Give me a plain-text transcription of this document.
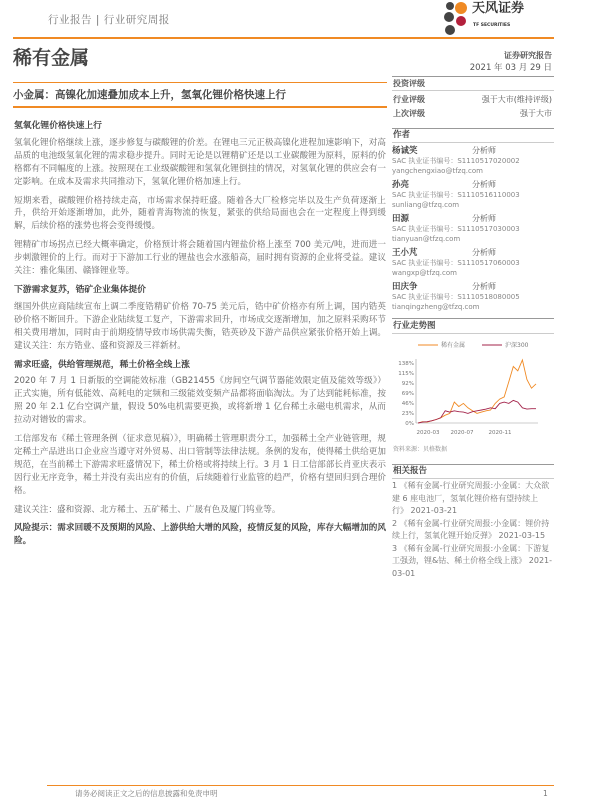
行业报告 | 行业研究周报
天风证券
TF SECURITIES
稀有金属	证券研究报告
2021 年 03 月 29 日
小金属：高镍化加速叠加成本上升，氢氧化锂价格快速上行
投资评级
行业评级	强于大市(维持评级)
上次评级	强于大市
氢氧化锂价格快速上行

氢氧化锂价格继续上涨，逐步修复与碳酸锂的价差。在锂电三元正极高镍化进程加速影响下，对高品质的电池级氢氧化锂的需求稳步提升。同时无论是以锂精矿还是以工业碳酸锂为原料，原料的价格都有不同幅度的上涨。按照现在工业级碳酸锂和氢氧化锂倒挂的情况，对氢氧化锂的供应会有一定影响。在成本及需求共同推动下，氢氧化锂价格加速上行。

短期来看，碳酸锂价格持续走高，市场需求保持旺盛。随着各大厂检修完毕以及生产负荷逐渐上升，供给开始逐渐增加，此外，随着青海物流的恢复，紧张的供给局面也会在一定程度上得到缓解，后续价格的涨势也将会变得缓慢。

锂精矿市场拐点已经大概率确定，价格预计将会随着国内锂盐价格上涨至 700 美元/吨，进而进一步刺激锂价的上行。而对于下游加工行业的锂盐也会水涨船高，届时拥有资源的企业将受益。建议关注：雅化集团、赣锋锂业等。

下游需求复苏，锆矿企业集体提价

继国外供应商陆续宣布上调二季度锆精矿价格 70-75 美元后，锆中矿价格亦有所上调，国内锆英砂价格不断回升。下游企业陆续复工复产，下游需求回升，市场成交逐渐增加，加之原料采购环节相关费用增加，同时由于前期疫情导致市场供需失衡，锆英砂及下游产品供应紧张价格开始上调。建议关注：东方锆业、盛和资源及三祥新材。

需求旺盛，供给管理规范，稀土价格全线上涨

2020 年 7 月 1 日新版的空调能效标准（GB21455《房间空气调节器能效限定值及能效等级》）正式实施，所有低能效、高耗电的定频和三级能效变频产品都将面临淘汰。为了达到能耗标准，按照 20 年 2.1 亿台空调产量，假设 50%电机需要更换，或将新增 1 亿台稀土永磁电机需求，从而拉动对镨钕的需求。

工信部发布《稀土管理条例（征求意见稿）》，明确稀土管理职责分工，加强稀土全产业链管理，规定稀土产品进出口企业应当遵守对外贸易、出口管制等法律法规。条例的发布，使得稀土供给更加规范，在当前稀土下游需求旺盛情况下，稀土价格或将持续上行。3 月 1 日工信部部长肖亚庆表示因行业无序竞争，稀土并没有卖出应有的价值，后续随着行业监管的趋严，价格有望回归到合理价格。

建议关注：盛和资源、北方稀土、五矿稀土、广晟有色及厦门钨业等。

风险提示：需求回暖不及预期的风险、上游供给大增的风险，疫情反复的风险，库存大幅增加的风险。

作者
杨诚笑	分析师
SAC 执业证书编号：S1110517020002
yangchengxiao@tfzq.com
孙亮	分析师
SAC 执业证书编号：S1110516110003
sunliang@tfzq.com
田源	分析师
SAC 执业证书编号：S1110517030003
tianyuan@tfzq.com
王小芃	分析师
SAC 执业证书编号：S1110517060003
wangxp@tfzq.com
田庆争	分析师
SAC 执业证书编号：S1110518080005
tianqingzheng@tfzq.com
行业走势图
0%
23%
46%
69%
92%
115%
138%
2020-03 2020-07	2020-11
稀有金属	沪深300
资料来源：贝格数据
相关报告
1 《稀有金属-行业研究周报:小金属：大众欲建 6 座电池厂，氢氧化锂价格有望持续上行》 2021-03-21
2 《稀有金属-行业研究周报:小金属：锂价持续上行，氢氧化锂开始反弹》 2021-03-15
3 《稀有金属-行业研究周报:小金属：下游复工强劲，锂&钴、稀土价格全线上涨》 2021-03-01
请务必阅读正文之后的信息披露和免责申明	1
